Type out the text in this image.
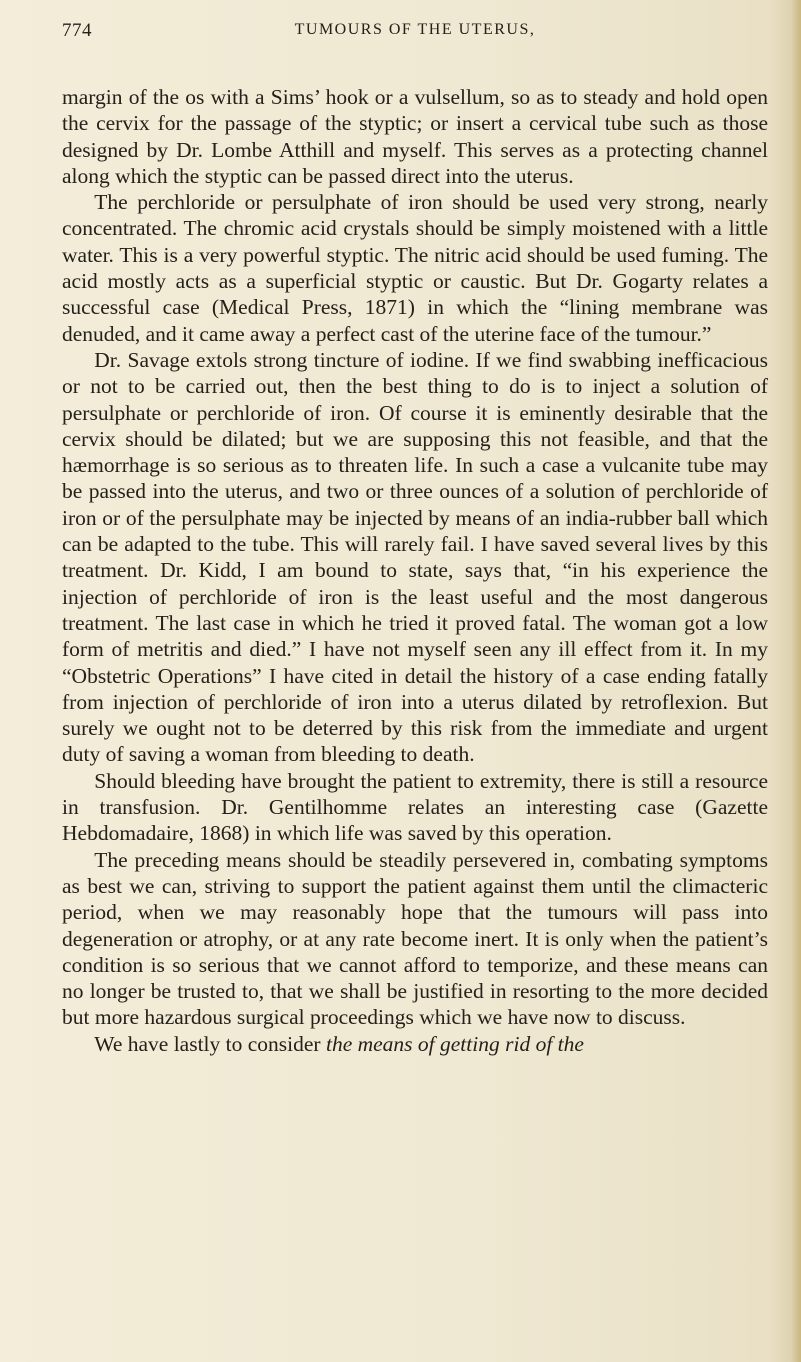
774	TUMOURS OF THE UTERUS,

margin of the os with a Sims’ hook or a vulsellum, so as to steady and hold open the cervix for the passage of the styptic; or insert a cervical tube such as those designed by Dr. Lombe Atthill and myself. This serves as a protecting channel along which the styptic can be passed direct into the uterus.

The perchloride or persulphate of iron should be used very strong, nearly concentrated. The chromic acid crystals should be simply moistened with a little water. This is a very powerful styptic. The nitric acid should be used fuming. The acid mostly acts as a superficial styptic or caustic. But Dr. Gogarty relates a successful case (Medical Press, 1871) in which the “lining membrane was denuded, and it came away a perfect cast of the uterine face of the tumour.”

Dr. Savage extols strong tincture of iodine. If we find swabbing inefficacious or not to be carried out, then the best thing to do is to inject a solution of persulphate or perchloride of iron. Of course it is eminently desirable that the cervix should be dilated; but we are supposing this not feasible, and that the hæmorrhage is so serious as to threaten life. In such a case a vulcanite tube may be passed into the uterus, and two or three ounces of a solution of perchloride of iron or of the persulphate may be injected by means of an india-rubber ball which can be adapted to the tube. This will rarely fail. I have saved several lives by this treatment. Dr. Kidd, I am bound to state, says that, “in his experience the injection of perchloride of iron is the least useful and the most dangerous treatment. The last case in which he tried it proved fatal. The woman got a low form of metritis and died.” I have not myself seen any ill effect from it. In my “Obstetric Operations” I have cited in detail the history of a case ending fatally from injection of perchloride of iron into a uterus dilated by retroflexion. But surely we ought not to be deterred by this risk from the immediate and urgent duty of saving a woman from bleeding to death.

Should bleeding have brought the patient to extremity, there is still a resource in transfusion. Dr. Gentilhomme relates an interesting case (Gazette Hebdomadaire, 1868) in which life was saved by this operation.

The preceding means should be steadily persevered in, combating symptoms as best we can, striving to support the patient against them until the climacteric period, when we may reasonably hope that the tumours will pass into degeneration or atrophy, or at any rate become inert. It is only when the patient’s condition is so serious that we cannot afford to temporize, and these means can no longer be trusted to, that we shall be justified in resorting to the more decided but more hazardous surgical proceedings which we have now to discuss.

We have lastly to consider the means of getting rid of the
